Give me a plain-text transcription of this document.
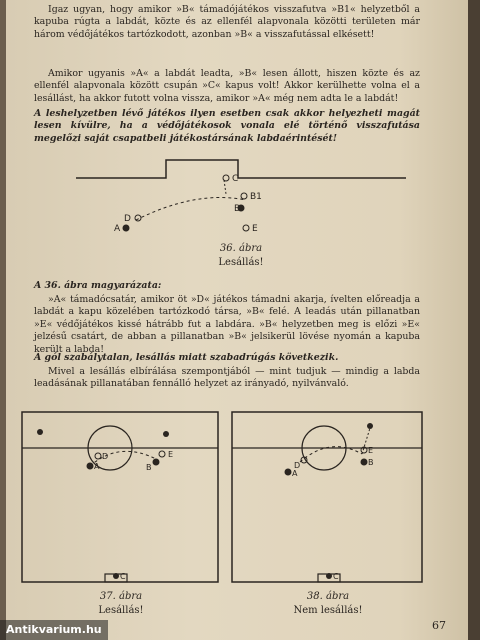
Igaz ugyan, hogy amikor »B« támadójátékos visszafutva »B1« helyzetből a kapuba rúgta a labdát, közte és az ellenfél alapvonala közötti területen már három védőjátékos tartózkodott, azonban »B« a visszafutással elkésett!

Amikor ugyanis »A« a labdát leadta, »B« lesen állott, hiszen közte és az ellenfél alapvonala között csupán »C« kapus volt! Akkor kerülhette volna el a lesállást, ha akkor futott volna vissza, amikor »A« még nem adta le a labdát!

A leshelyzetben lévő játékos ilyen esetben csak akkor helyezheti magát lesen kívülre, ha a védőjátékosok vonala elé történő visszafutása megelőzi saját csapatbeli játékostársának labdaérintését!

C
B1
B
E
D
A
36. ábra
Lesállás!

A 36. ábra magyarázata:

»A« támadócsatár, amikor öt »D« játékos támadni akarja, ívelten előreadja a labdát a kapu közelében tartózkodó társa, »B« felé. A leadás után pillanatban »E« védőjátékos kissé hátrább fut a labdára. »B« helyzetben meg is előzi »E« jelzésű csatárt, de abban a pillanatban »B« jelsikerül lövése nyomán a kapuba került a labda!

A gól szabálytalan, lesállás miatt szabadrúgás következik.

Mivel a lesállás elbírálása szempontjából — mint tudjuk — mindig a labda leadásának pillanatában fennálló helyzet az irányadó, nyilvánvaló.

D
A
E
B
C
37. ábra
Lesállás!
D
A
E
B
C
38. ábra
Nem lesállás!
67
Antikvarium.hu
